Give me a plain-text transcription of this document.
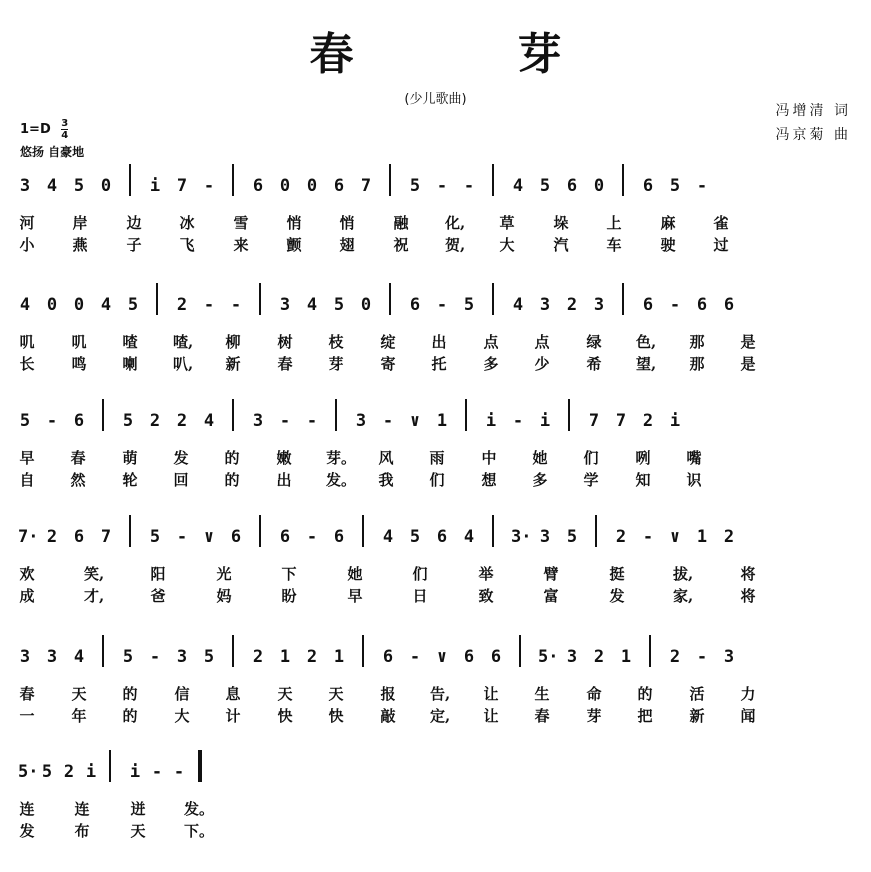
春　芽
(少儿歌曲)
冯增清 词
冯京菊 曲
$1=D \frac{3}{4}$
悠扬 自豪地
3 4 5 0 i 7 - 6 0 0 6 7 5 - - 4 5 6 0 6 5 -
河	岸	边	冰	雪	悄	悄	融 化, 草	垛	上	麻	雀
小	燕	子	飞	来	颤	翅	祝 贺, 大	汽	车	驶	过
4 0 0 4 5 2 - - 3 4 5 0 6 - 5 4 3 2 3 6 - 6 6
叽 叽 喳 喳, 柳 树 枝 绽 出 点 点 绿 色, 那 是
长 鸣 喇 叭, 新 春 芽 寄 托 多 少 希 望, 那 是
5 - 6 5 2 2 4 3 - - 3 - ∨ 1 i - i 7 7 2 i
早 春 萌 发 的 嫩 芽。 风 雨 中 她 们 咧 嘴
自 然 轮 回 的 出 发。 我 们 想 多 学 知 识
7· 2 6 7 5 - ∨ 6 6 - 6 4 5 6 4 3· 3 5 2 - ∨ 1 2
欢	笑,	阳	光	下	她	们	举	臂	挺	拔,	将
成	才,	爸	妈	盼	早	日	致	富	发	家,	将
3 3 4 5 - 3 5 2 1 2 1 6 - ∨ 6 6 5· 3 2 1 2 - 3
春 天 的 信 息 天 天 报 告, 让 生 命 的 活 力
一 年 的 大 计 快 快 敲 定, 让 春 芽 把 新 闻
5· 5 2 i i - -
连	连	迸	发。
发	布	天	下。
